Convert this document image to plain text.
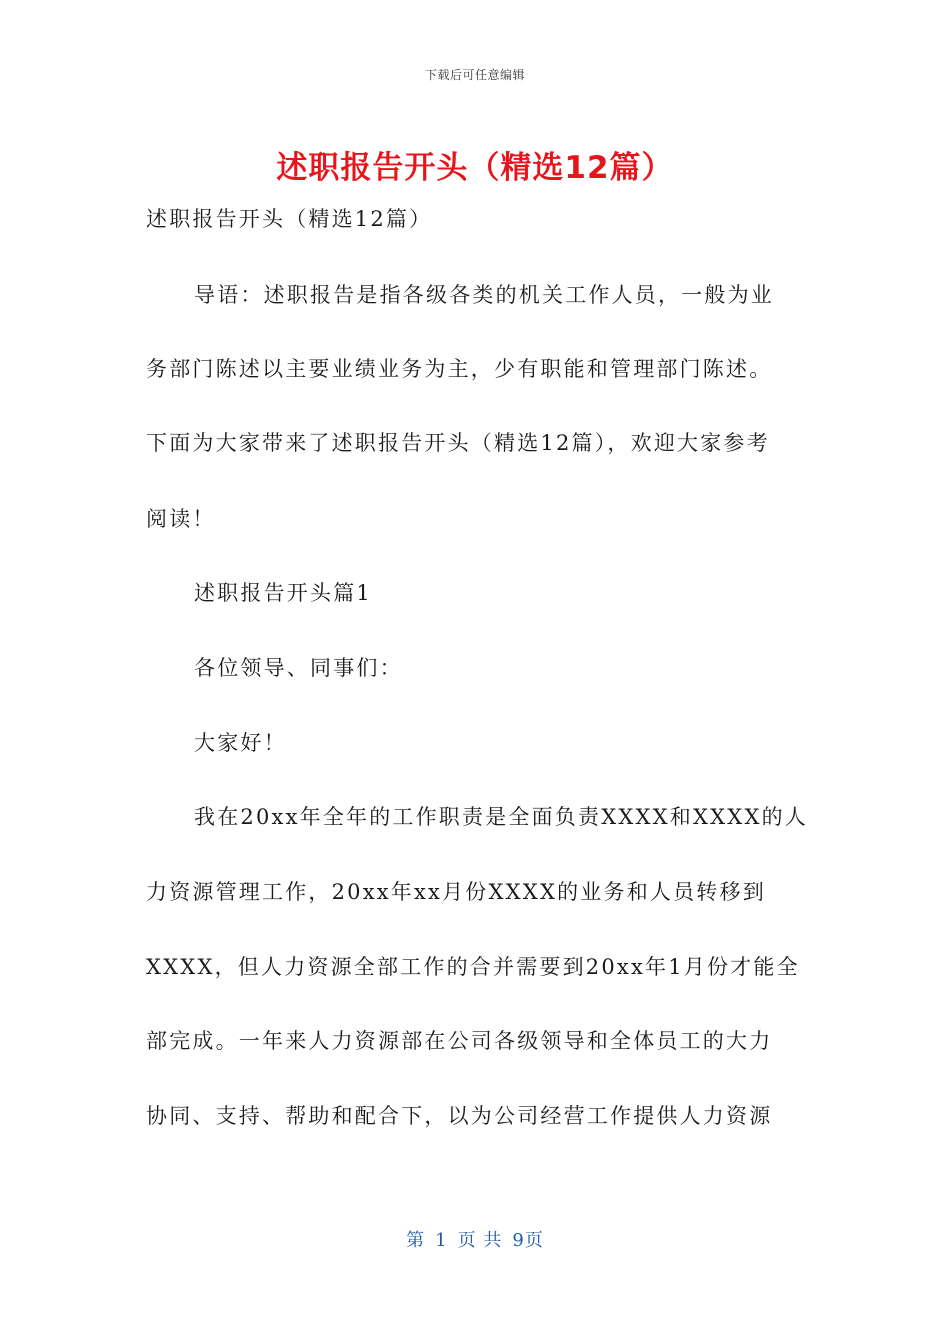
下载后可任意编辑
述职报告开头（精选12篇）
述职报告开头（精选12篇）
导语：述职报告是指各级各类的机关工作人员，一般为业
务部门陈述以主要业绩业务为主，少有职能和管理部门陈述。
下面为大家带来了述职报告开头（精选12篇），欢迎大家参考
阅读！
述职报告开头篇1
各位领导、同事们：
大家好！
我在20xx年全年的工作职责是全面负责XXXX和XXXX的人
力资源管理工作，20xx年xx月份XXXX的业务和人员转移到
XXXX，但人力资源全部工作的合并需要到20xx年1月份才能全
部完成。一年来人力资源部在公司各级领导和全体员工的大力
协同、支持、帮助和配合下，以为公司经营工作提供人力资源
第 1 页 共 9页
